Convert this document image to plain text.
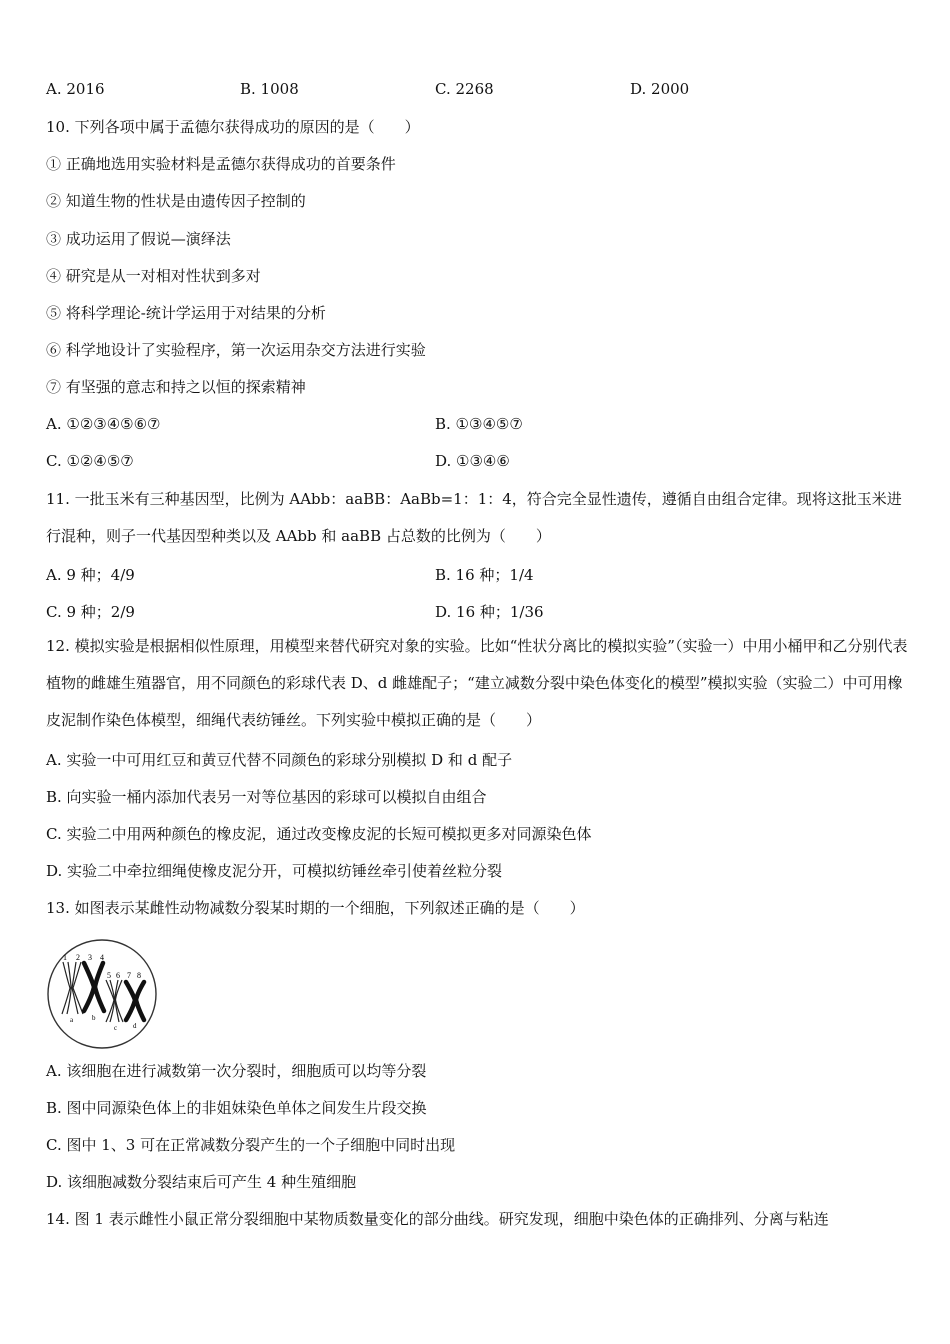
A. 2016	B. 1008	C. 2268	D. 2000
10. 下列各项中属于孟德尔获得成功的原因的是（　　）
① 正确地选用实验材料是孟德尔获得成功的首要条件
② 知道生物的性状是由遗传因子控制的
③ 成功运用了假说—演绎法
④ 研究是从一对相对性状到多对
⑤ 将科学理论-统计学运用于对结果的分析
⑥ 科学地设计了实验程序，第一次运用杂交方法进行实验
⑦ 有坚强的意志和持之以恒的探索精神
A. ①②③④⑤⑥⑦	B. ①③④⑤⑦
C. ①②④⑤⑦	D. ①③④⑥
11. 一批玉米有三种基因型，比例为 AAbb：aaBB：AaBb=1：1：4，符合完全显性遗传，遵循自由组合定律。现将这批玉米进行混种，则子一代基因型种类以及 AAbb 和 aaBB 占总数的比例为（　　）
A. 9 种；4/9	B. 16 种；1/4
C. 9 种；2/9	D. 16 种；1/36
12. 模拟实验是根据相似性原理，用模型来替代研究对象的实验。比如“性状分离比的模拟实验”（实验一）中用小桶甲和乙分别代表植物的雌雄生殖器官，用不同颜色的彩球代表 D、d 雌雄配子；“建立减数分裂中染色体变化的模型”模拟实验（实验二）中可用橡皮泥制作染色体模型，细绳代表纺锤丝。下列实验中模拟正确的是（　　）
A. 实验一中可用红豆和黄豆代替不同颜色的彩球分别模拟 D 和 d 配子
B. 向实验一桶内添加代表另一对等位基因的彩球可以模拟自由组合
C. 实验二中用两种颜色的橡皮泥，通过改变橡皮泥的长短可模拟更多对同源染色体
D. 实验二中牵拉细绳使橡皮泥分开，可模拟纺锤丝牵引使着丝粒分裂
13. 如图表示某雌性动物减数分裂某时期的一个细胞，下列叙述正确的是（　　）
1 2 3 4
5 6 7 8
a	b
c d
A. 该细胞在进行减数第一次分裂时，细胞质可以均等分裂
B. 图中同源染色体上的非姐妹染色单体之间发生片段交换
C. 图中 1、3 可在正常减数分裂产生的一个子细胞中同时出现
D. 该细胞减数分裂结束后可产生 4 种生殖细胞
14. 图 1 表示雌性小鼠正常分裂细胞中某物质数量变化的部分曲线。研究发现，细胞中染色体的正确排列、分离与粘连
